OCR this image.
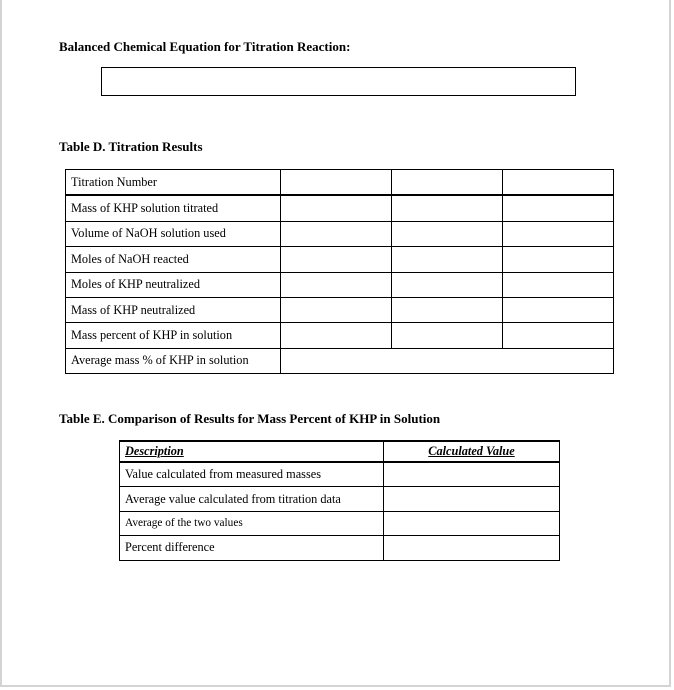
Balanced Chemical Equation for Titration Reaction:
Table D. Titration Results
Titration Number			
Mass of KHP solution titrated			
Volume of NaOH solution used			
Moles of NaOH reacted			
Moles of KHP neutralized			
Mass of KHP neutralized			
Mass percent of KHP in solution			
Average mass % of KHP in solution			
Table E. Comparison of Results for Mass Percent of KHP in Solution
Description	Calculated Value
Value calculated from measured masses	
Average value calculated from titration data	
Average of the two values	
Percent difference	
